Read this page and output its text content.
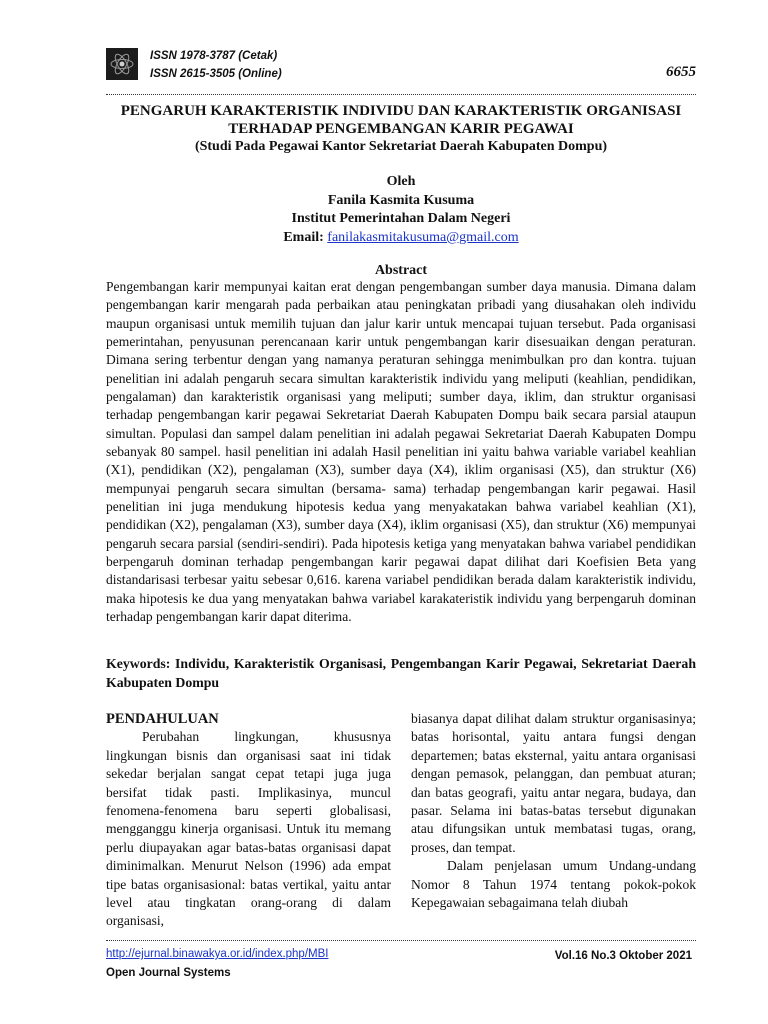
ISSN 1978-3787 (Cetak)
ISSN 2615-3505 (Online)	6655
PENGARUH KARAKTERISTIK INDIVIDU DAN KARAKTERISTIK ORGANISASI
TERHADAP PENGEMBANGAN KARIR PEGAWAI
(Studi Pada Pegawai Kantor Sekretariat Daerah Kabupaten Dompu)
Oleh
Fanila Kasmita Kusuma
Institut Pemerintahan Dalam Negeri
Email: fanilakasmitakusuma@gmail.com
Abstract

Pengembangan karir mempunyai kaitan erat dengan pengembangan sumber daya manusia. Dimana dalam pengembangan karir mengarah pada perbaikan atau peningkatan pribadi yang diusahakan oleh individu maupun organisasi untuk memilih tujuan dan jalur karir untuk mencapai tujuan tersebut. Pada organisasi pemerintahan, penyusunan perencanaan karir untuk pengembangan karir disesuaikan dengan peraturan. Dimana sering terbentur dengan yang namanya peraturan sehingga menimbulkan pro dan kontra. tujuan penelitian ini adalah pengaruh secara simultan karakteristik individu yang meliputi (keahlian, pendidikan, pengalaman) dan karakteristik organisasi yang meliputi; sumber daya, iklim, dan struktur organisasi terhadap pengembangan karir pegawai Sekretariat Daerah Kabupaten Dompu baik secara parsial ataupun simultan. Populasi dan sampel dalam penelitian ini adalah pegawai Sekretariat Daerah Kabupaten Dompu sebanyak 80 sampel. hasil penelitian ini adalah Hasil penelitian ini yaitu bahwa variable variabel keahlian (X1), pendidikan (X2), pengalaman (X3), sumber daya (X4), iklim organisasi (X5), dan struktur (X6) mempunyai pengaruh secara simultan (bersama- sama) terhadap pengembangan karir pegawai. Hasil penelitian ini juga mendukung hipotesis kedua yang menyakatakan bahwa variabel keahlian (X1), pendidikan (X2), pengalaman (X3), sumber daya (X4), iklim organisasi (X5), dan struktur (X6) mempunyai pengaruh secara parsial (sendiri-sendiri). Pada hipotesis ketiga yang menyatakan bahwa variabel pendidikan berpengaruh dominan terhadap pengembangan karir pegawai dapat dilihat dari Koefisien Beta yang distandarisasi terbesar yaitu sebesar 0,616. karena variabel pendidikan berada dalam karakteristik individu, maka hipotesis ke dua yang menyatakan bahwa variabel karakateristik individu yang berpengaruh dominan terhadap pengembangan karir dapat diterima.

Keywords: Individu, Karakteristik Organisasi, Pengembangan Karir Pegawai, Sekretariat Daerah Kabupaten Dompu

PENDAHULUAN

Perubahan lingkungan, khususnya lingkungan bisnis dan organisasi saat ini tidak sekedar berjalan sangat cepat tetapi juga juga bersifat tidak pasti. Implikasinya, muncul fenomena-fenomena baru seperti globalisasi, mengganggu kinerja organisasi. Untuk itu memang perlu diupayakan agar batas-batas organisasi dapat diminimalkan. Menurut Nelson (1996) ada empat tipe batas organisasional: batas vertikal, yaitu antar level atau tingkatan orang-orang di dalam organisasi,

biasanya dapat dilihat dalam struktur organisasinya; batas horisontal, yaitu antara fungsi dengan departemen; batas eksternal, yaitu antara organisasi dengan pemasok, pelanggan, dan pembuat aturan; dan batas geografi, yaitu antar negara, budaya, dan pasar. Selama ini batas-batas tersebut digunakan atau difungsikan untuk membatasi tugas, orang, proses, dan tempat.

Dalam penjelasan umum Undang-undang Nomor 8 Tahun 1974 tentang pokok-pokok Kepegawaian sebagaimana telah diubah

http://ejurnal.binawakya.or.id/index.php/MBI
Open Journal Systems
Vol.16 No.3 Oktober 2021
